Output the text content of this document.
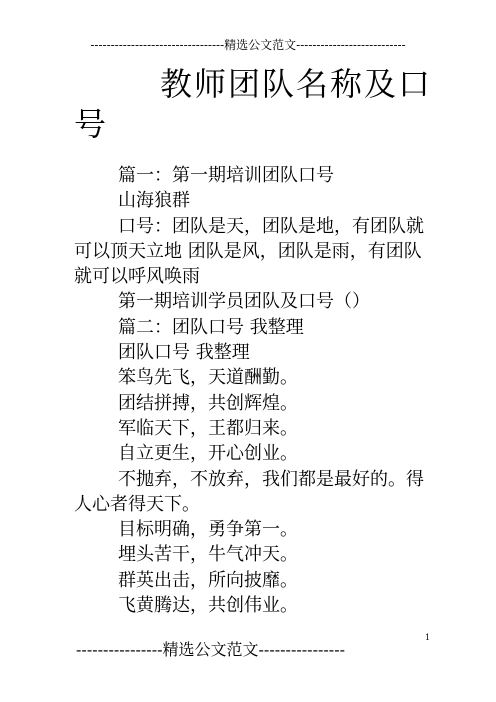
---------------------------------精选公文范文---------------------------
教师团队名称及口号

篇一：第一期培训团队口号

山海狼群

口号：团队是天，团队是地，有团队就可以顶天立地 团队是风，团队是雨，有团队就可以呼风唤雨

第一期培训学员团队及口号（）

篇二：团队口号 我整理

团队口号 我整理

笨鸟先飞，天道酬勤。

团结拼搏，共创辉煌。

军临天下，王都归来。

自立更生，开心创业。

不抛弃，不放弃，我们都是最好的。得人心者得天下。

目标明确，勇争第一。

埋头苦干，牛气冲天。

群英出击，所向披靡。

飞黄腾达，共创伟业。

1
----------------精选公文范文----------------
